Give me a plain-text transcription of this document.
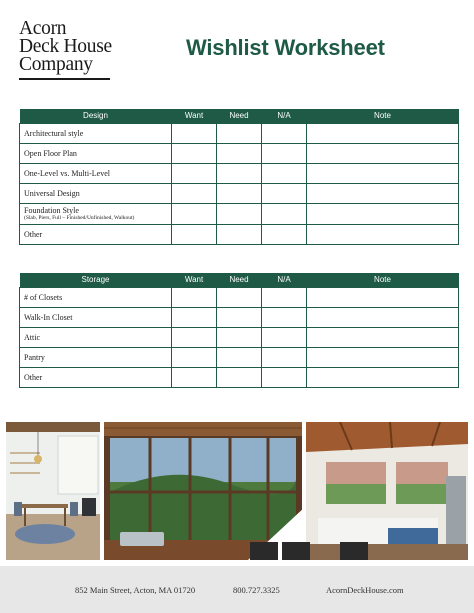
Acorn
Deck House
Company
Wishlist Worksheet
Design	Want	Need	N/A	Note
Architectural style				
Open Floor Plan				
One-Level vs. Multi-Level				
Universal Design				
Foundation Style
(Slab, Piers, Full – Finished/Unfinished, Walkout)				

Other				
Storage	Want	Need	N/A	Note
# of Closets				
Walk-In Closet				
Attic				
Pantry				
Other				
852 Main Street, Acton, MA 01720	800.727.3325	AcornDeckHouse.com
